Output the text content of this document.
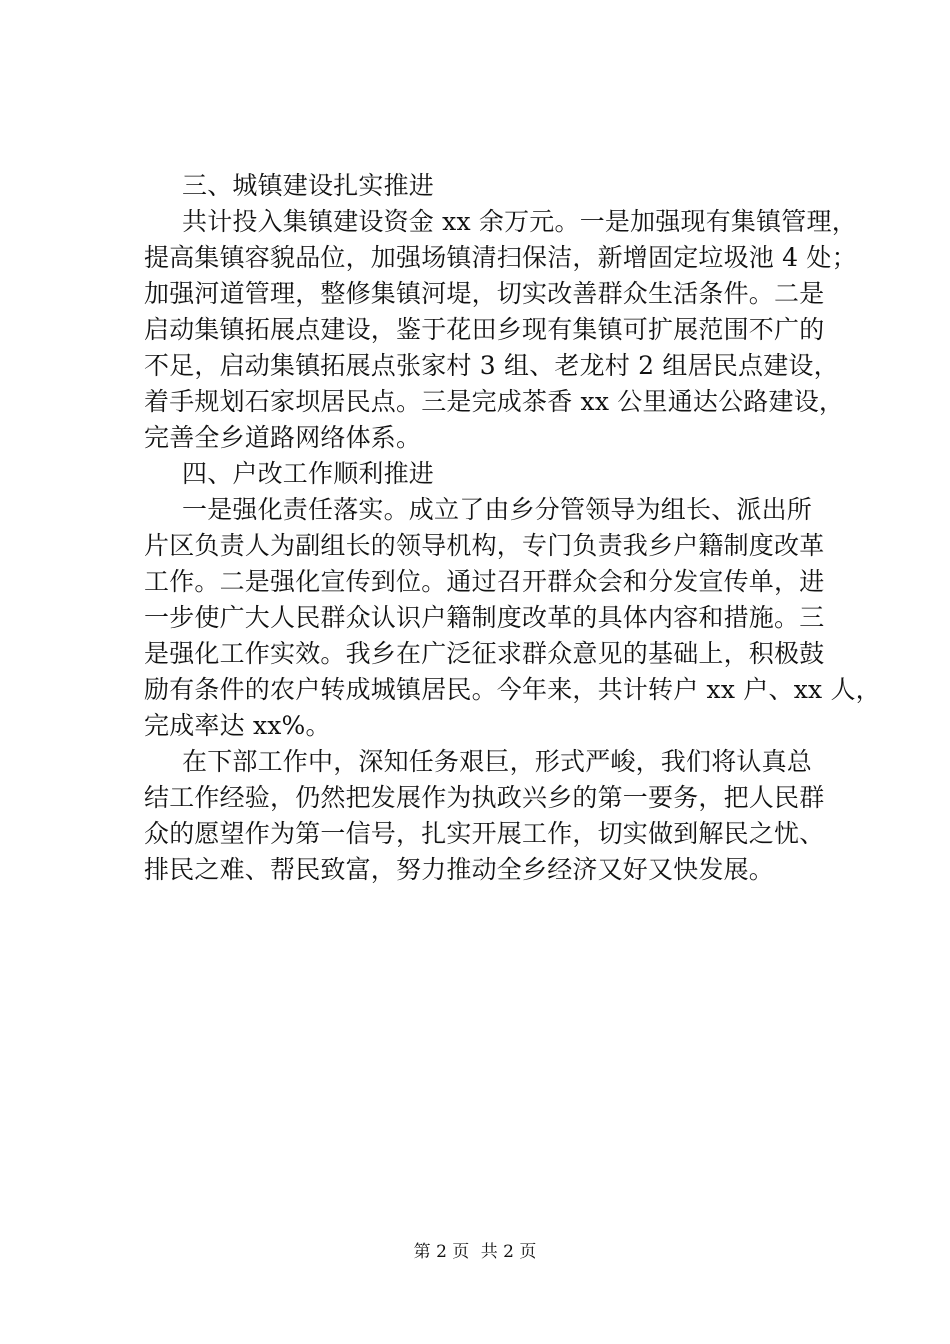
三、城镇建设扎实推进
共计投入集镇建设资金 xx 余万元。一是加强现有集镇管理，
提高集镇容貌品位，加强场镇清扫保洁，新增固定垃圾池 4 处；
加强河道管理，整修集镇河堤，切实改善群众生活条件。二是
启动集镇拓展点建设，鉴于花田乡现有集镇可扩展范围不广的
不足，启动集镇拓展点张家村 3 组、老龙村 2 组居民点建设，
着手规划石家坝居民点。三是完成茶香 xx 公里通达公路建设，
完善全乡道路网络体系。
四、户改工作顺利推进
一是强化责任落实。成立了由乡分管领导为组长、派出所
片区负责人为副组长的领导机构，专门负责我乡户籍制度改革
工作。二是强化宣传到位。通过召开群众会和分发宣传单，进
一步使广大人民群众认识户籍制度改革的具体内容和措施。三
是强化工作实效。我乡在广泛征求群众意见的基础上，积极鼓
励有条件的农户转成城镇居民。今年来，共计转户 xx 户、xx 人，
完成率达 xx%。
在下部工作中，深知任务艰巨，形式严峻，我们将认真总
结工作经验，仍然把发展作为执政兴乡的第一要务，把人民群
众的愿望作为第一信号，扎实开展工作，切实做到解民之忧、
排民之难、帮民致富，努力推动全乡经济又好又快发展。
第 2 页 共 2 页
